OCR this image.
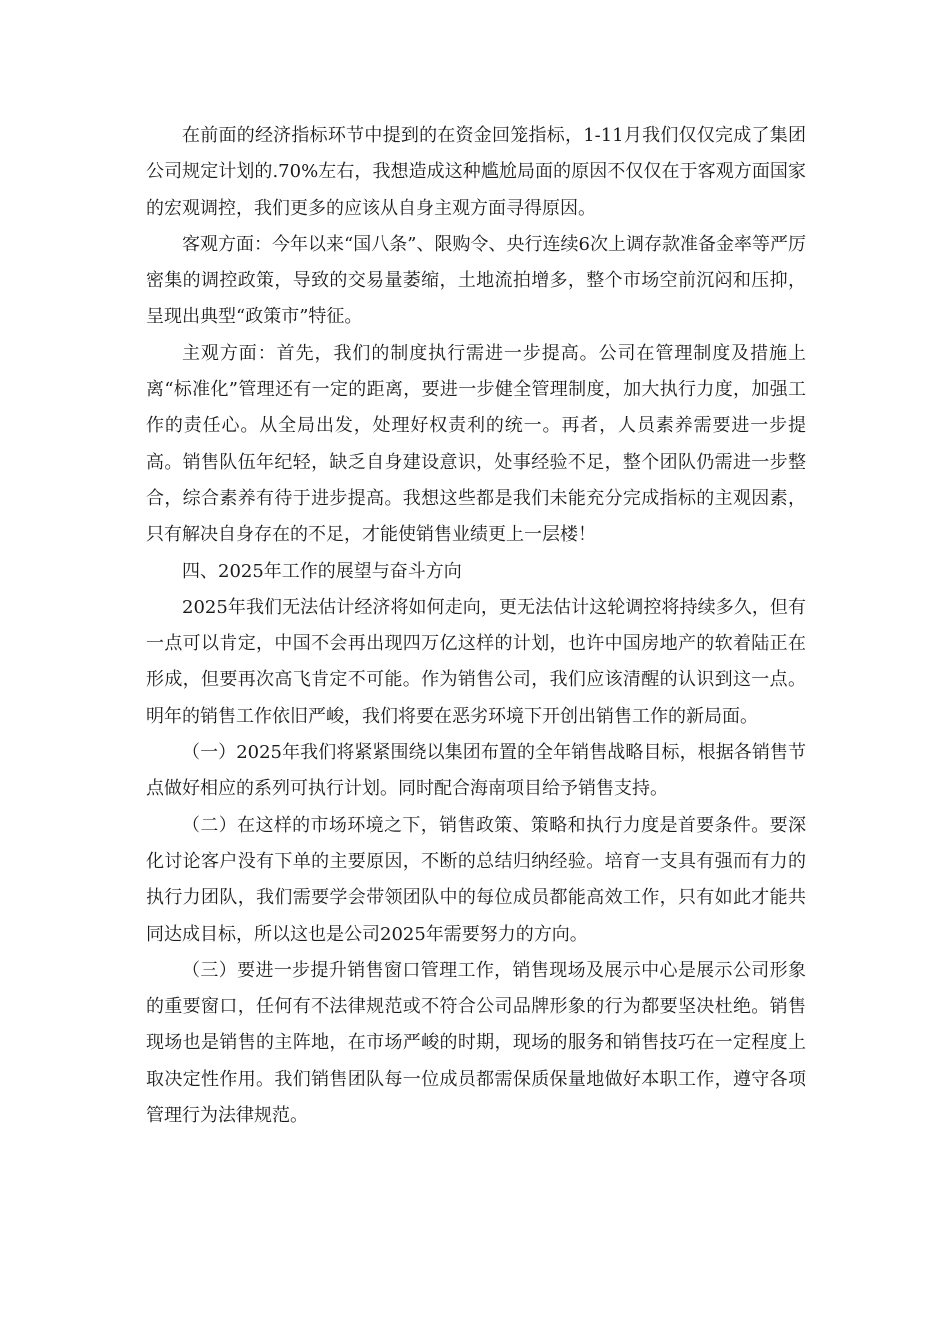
在前面的经济指标环节中提到的在资金回笼指标，1-11月我们仅仅完成了集团公司规定计划的.70%左右，我想造成这种尴尬局面的原因不仅仅在于客观方面国家的宏观调控，我们更多的应该从自身主观方面寻得原因。

客观方面：今年以来“国八条”、限购令、央行连续6次上调存款准备金率等严厉密集的调控政策，导致的交易量萎缩，土地流拍增多，整个市场空前沉闷和压抑，呈现出典型“政策市”特征。

主观方面：首先，我们的制度执行需进一步提高。公司在管理制度及措施上离“标准化”管理还有一定的距离，要进一步健全管理制度，加大执行力度，加强工作的责任心。从全局出发，处理好权责利的统一。再者，人员素养需要进一步提高。销售队伍年纪轻，缺乏自身建设意识，处事经验不足，整个团队仍需进一步整合，综合素养有待于进步提高。我想这些都是我们未能充分完成指标的主观因素，只有解决自身存在的不足，才能使销售业绩更上一层楼！

四、2025年工作的展望与奋斗方向

2025年我们无法估计经济将如何走向，更无法估计这轮调控将持续多久，但有一点可以肯定，中国不会再出现四万亿这样的计划，也许中国房地产的软着陆正在形成，但要再次高飞肯定不可能。作为销售公司，我们应该清醒的认识到这一点。明年的销售工作依旧严峻，我们将要在恶劣环境下开创出销售工作的新局面。

（一）2025年我们将紧紧围绕以集团布置的全年销售战略目标，根据各销售节点做好相应的系列可执行计划。同时配合海南项目给予销售支持。

（二）在这样的市场环境之下，销售政策、策略和执行力度是首要条件。要深化讨论客户没有下单的主要原因，不断的总结归纳经验。培育一支具有强而有力的执行力团队，我们需要学会带领团队中的每位成员都能高效工作，只有如此才能共同达成目标，所以这也是公司2025年需要努力的方向。

（三）要进一步提升销售窗口管理工作，销售现场及展示中心是展示公司形象的重要窗口，任何有不法律规范或不符合公司品牌形象的行为都要坚决杜绝。销售现场也是销售的主阵地，在市场严峻的时期，现场的服务和销售技巧在一定程度上取决定性作用。我们销售团队每一位成员都需保质保量地做好本职工作，遵守各项管理行为法律规范。
